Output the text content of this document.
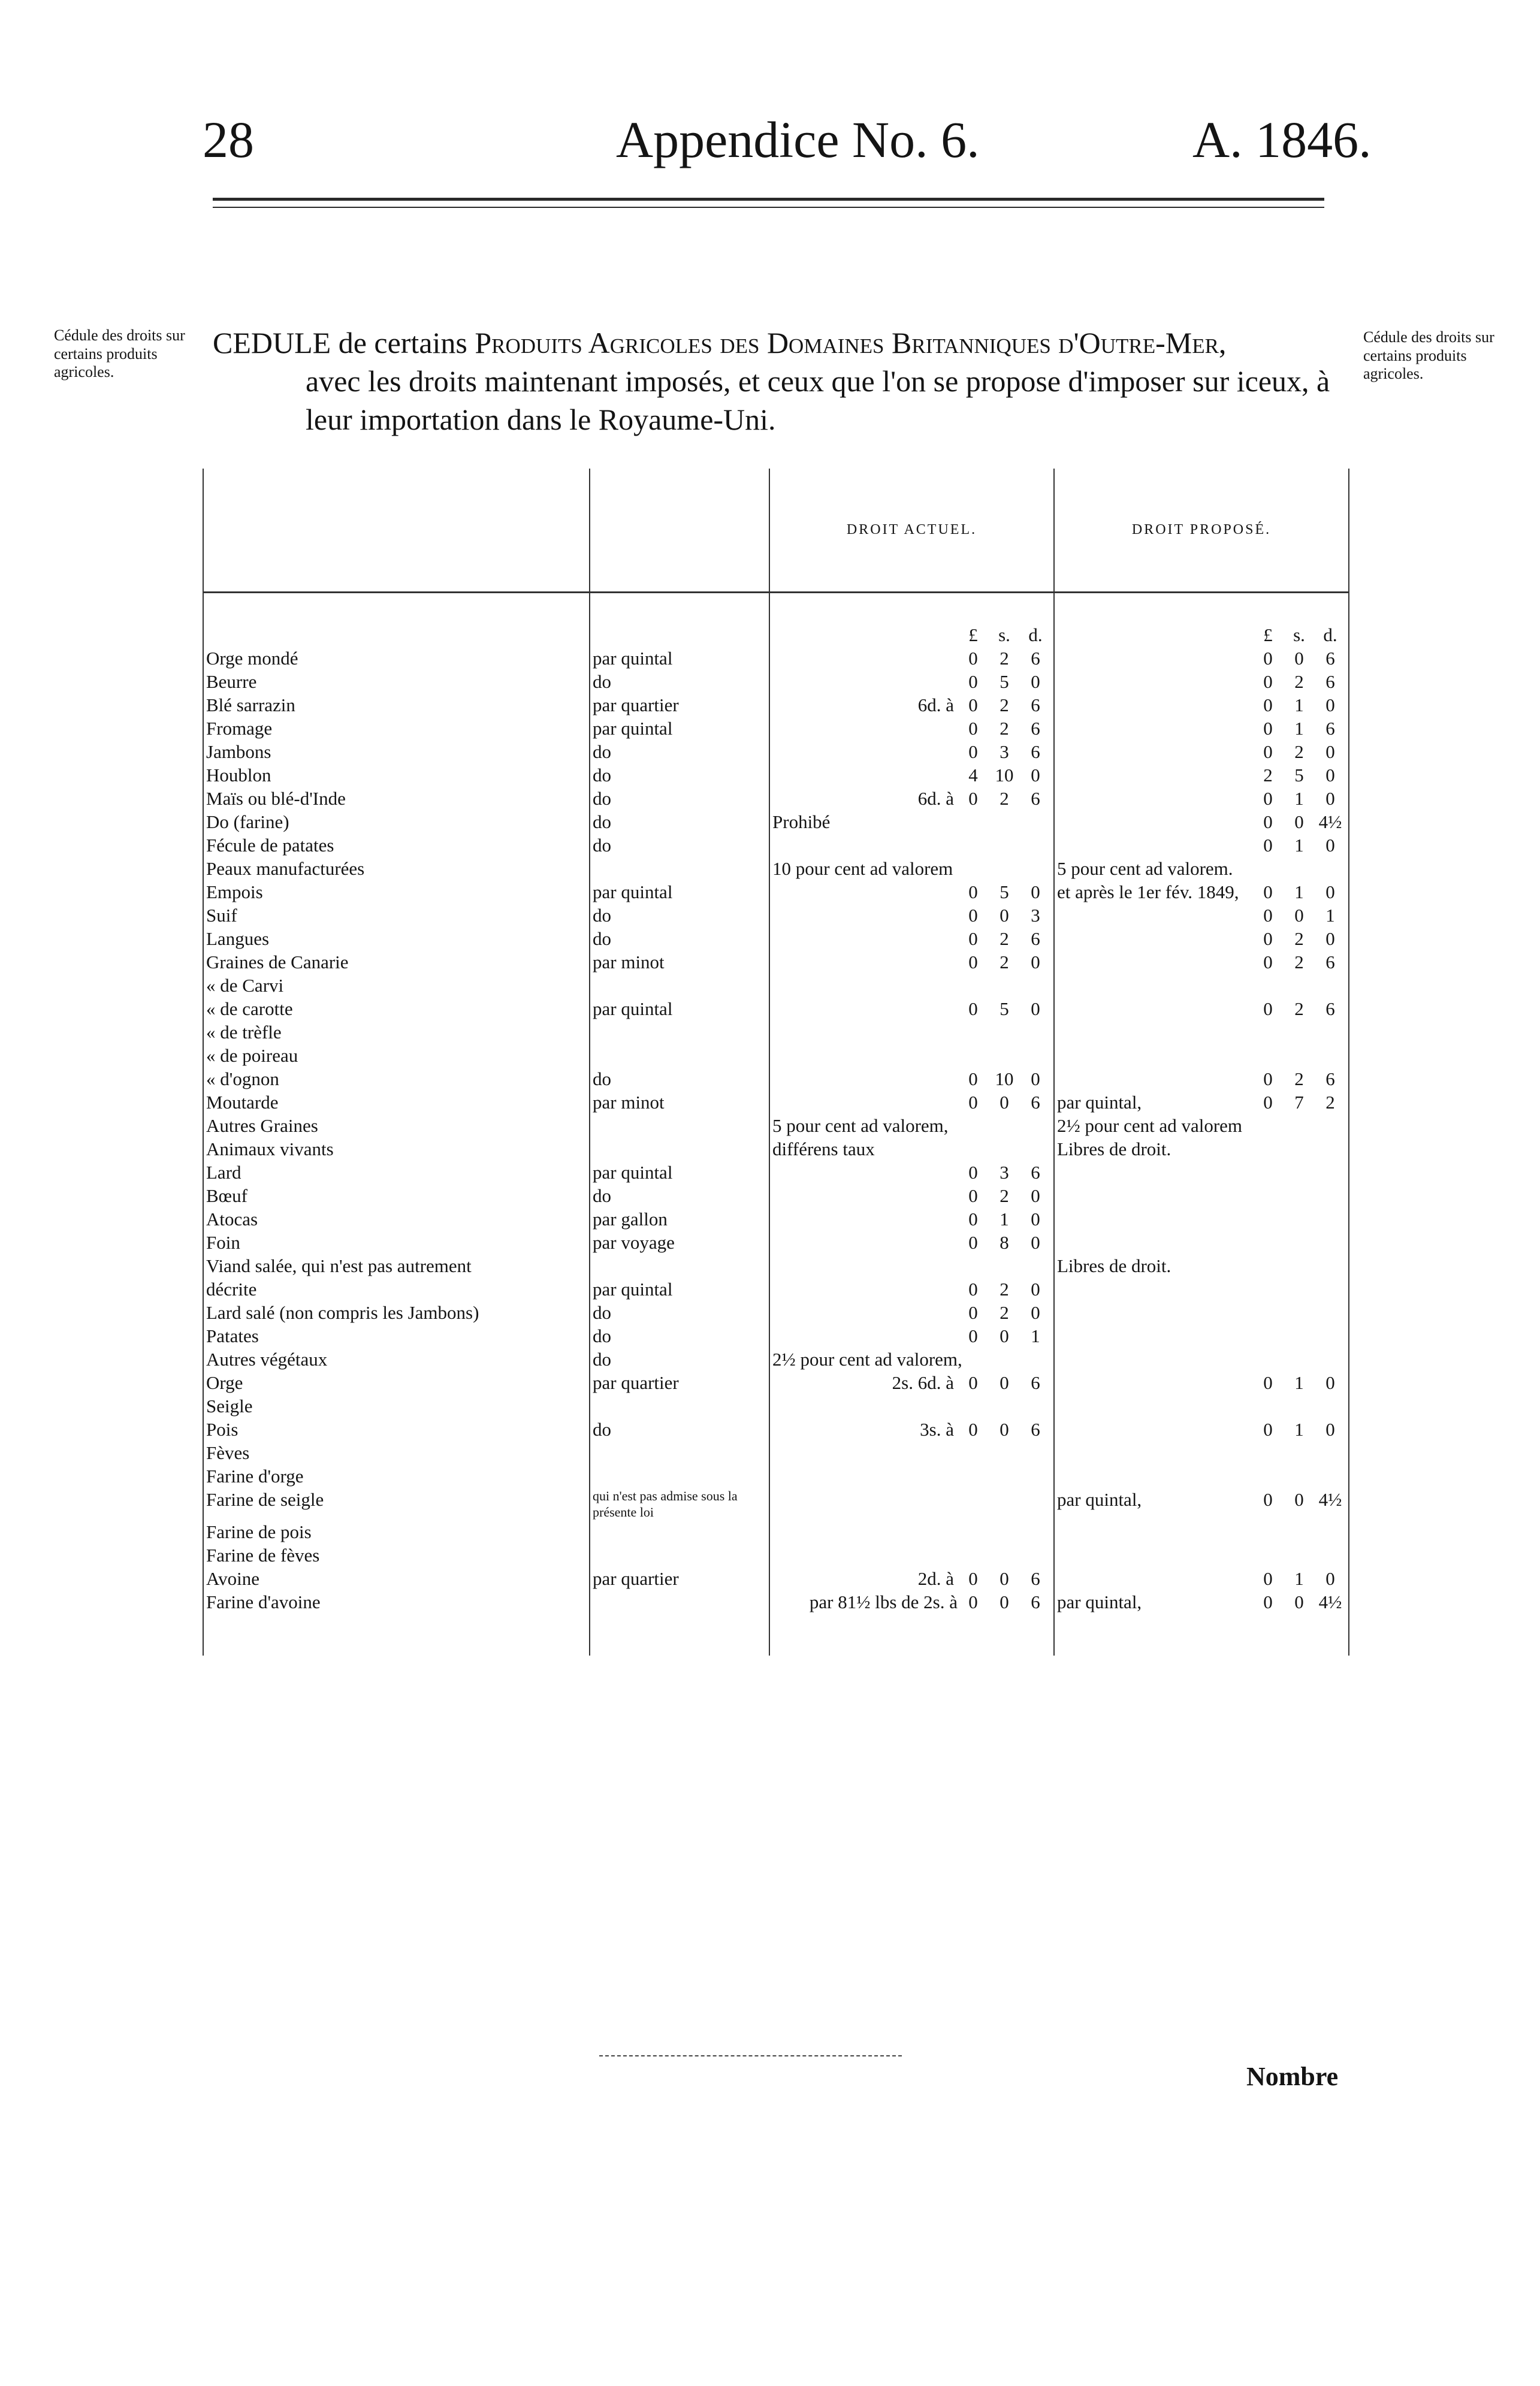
28	Appendice No. 6.	A. 1846.
Cédule des droits sur certains produits agricoles.
Cédule des droits sur certains produits agricoles.
CEDULE de certains Produits Agricoles des Domaines Britanniques d'Outre-Mer,
avec les droits maintenant imposés, et ceux que l'on se propose d'imposer sur iceux, à
leur importation dans le Royaume-Uni.
		DROIT ACTUEL.	DROIT PROPOSÉ.

		£ s. d.	£ s. d.
Orge mondé	par quintal	0 2 6	0 0 6
Beurre	do	0 5 0	0 2 6
Blé sarrazin	par quartier	6d. à 0 2 6	0 1 0
Fromage	par quintal	0 2 6	0 1 6
Jambons	do	0 3 6	0 2 0
Houblon	do	4 10 0	2 5 0
Maïs ou blé-d'Inde	do	6d. à 0 2 6	0 1 0
Do (farine)	do	Prohibé	0 0 4½
Fécule de patates	do		0 1 0
Peaux manufacturées		10 pour cent ad valorem	5 pour cent ad valorem.
Empois	par quintal	0 5 0	et après le 1er fév. 1849, 0 1 0
Suif	do	0 0 3	0 0 1
Langues	do	0 2 6	0 2 0
Graines de Canarie	par minot	0 2 0	0 2 6
« de Carvi			
« de carotte	par quintal	0 5 0	0 2 6
« de trèfle			
« de poireau			
« d'ognon	do	0 10 0	0 2 6
Moutarde	par minot	0 0 6	par quintal, 0 7 2
Autres Graines		5 pour cent ad valorem,	2½ pour cent ad valorem
Animaux vivants		différens taux	Libres de droit.
Lard	par quintal	0 3 6	
Bœuf	do	0 2 0	
Atocas	par gallon	0 1 0	
Foin	par voyage	0 8 0	
Viand salée, qui n'est pas autrement			Libres de droit.
décrite	par quintal	0 2 0	
Lard salé (non compris les Jambons)	do	0 2 0	
Patates	do	0 0 1	
Autres végétaux	do	2½ pour cent ad valorem,	
Orge	par quartier	2s. 6d. à 0 0 6	0 1 0
Seigle			
Pois	do	3s. à 0 0 6	0 1 0
Fèves			
Farine d'orge			
Farine de seigle	qui n'est pas admise sous la présente loi		par quintal, 0 0 4½
Farine de pois			
Farine de fèves			
Avoine	par quartier	2d. à 0 0 6	0 1 0
Farine d'avoine		par 81½ lbs de 2s. à 0 0 6	par quintal, 0 0 4½

Nombre
